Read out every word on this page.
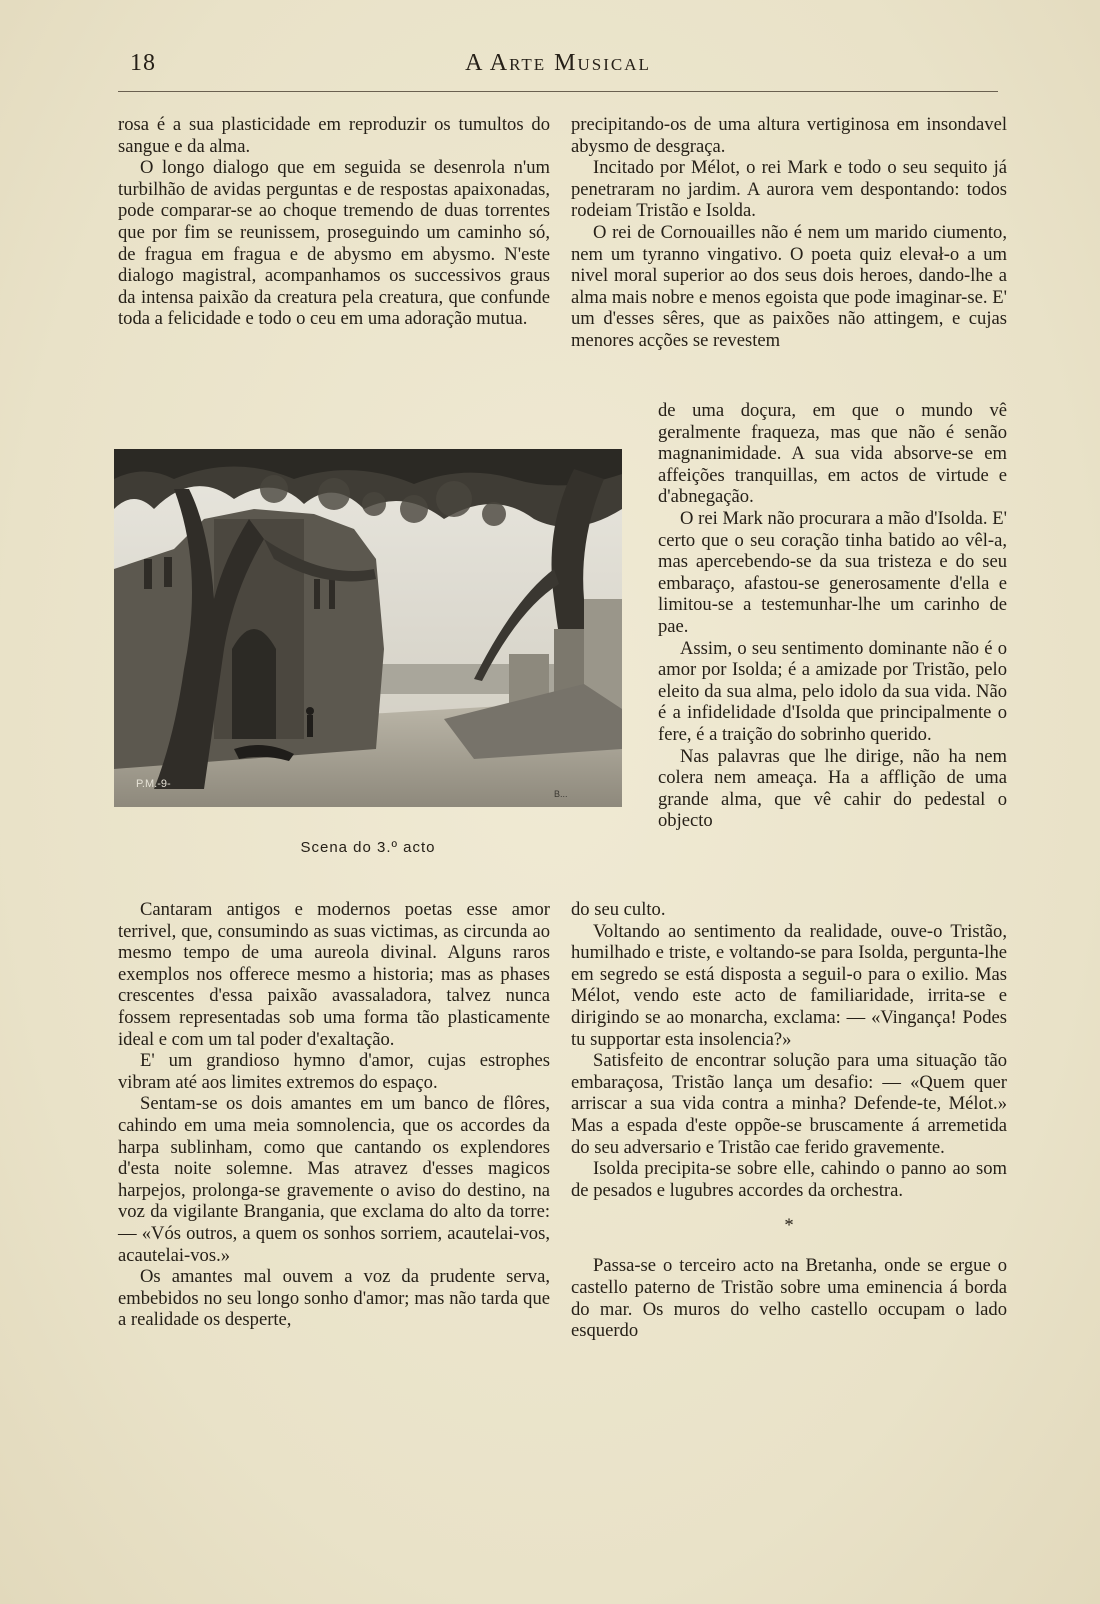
18	A Arte Musical

rosa é a sua plasticidade em reproduzir os tumultos do sangue e da alma.

O longo dialogo que em seguida se desenrola n'um turbilhão de avidas perguntas e de respostas apaixonadas, pode comparar-se ao choque tremendo de duas torrentes que por fim se reunissem, proseguindo um caminho só, de fragua em fragua e de abysmo em abysmo. N'este dialogo magistral, acompanhamos os successivos graus da intensa paixão da creatura pela creatura, que confunde toda a felicidade e todo o ceu em uma adoração mutua.

P.M.-9-
B...
Scena do 3.º acto

Cantaram antigos e modernos poetas esse amor terrivel, que, consumindo as suas victimas, as circunda ao mesmo tempo de uma aureola divinal. Alguns raros exemplos nos offerece mesmo a historia; mas as phases crescentes d'essa paixão avassaladora, talvez nunca fossem representadas sob uma forma tão plasticamente ideal e com um tal poder d'exaltação.

E' um grandioso hymno d'amor, cujas estrophes vibram até aos limites extremos do espaço.

Sentam-se os dois amantes em um banco de flôres, cahindo em uma meia somnolencia, que os accordes da harpa sublinham, como que cantando os explendores d'esta noite solemne. Mas atravez d'esses magicos harpejos, prolonga-se gravemente o aviso do destino, na voz da vigilante Brangania, que exclama do alto da torre: — «Vós outros, a quem os sonhos sorriem, acautelai-vos, acautelai-vos.»

Os amantes mal ouvem a voz da prudente serva, embebidos no seu longo sonho d'amor; mas não tarda que a realidade os desperte,

precipitando-os de uma altura vertiginosa em insondavel abysmo de desgraça.

Incitado por Mélot, o rei Mark e todo o seu sequito já penetraram no jardim. A aurora vem despontando: todos rodeiam Tristão e Isolda.

O rei de Cornouailles não é nem um marido ciumento, nem um tyranno vingativo. O poeta quiz elevał-o a um nivel moral superior ao dos seus dois heroes, dando-lhe a alma mais nobre e menos egoista que pode imaginar-se. E' um d'esses sêres, que as paixões não attingem, e cujas menores acções se revestem

de uma doçura, em que o mundo vê geralmente fraqueza, mas que não é senão magnanimidade. A sua vida absorve-se em affeições tranquillas, em actos de virtude e d'abnegação.

O rei Mark não procurara a mão d'Isolda. E' certo que o seu coração tinha batido ao vêl-a, mas apercebendo-se da sua tristeza e do seu embaraço, afastou-se generosamente d'ella e limitou-se a testemunhar-lhe um carinho de pae.

Assim, o seu sentimento dominante não é o amor por Isolda; é a amizade por Tristão, pelo eleito da sua alma, pelo idolo da sua vida. Não é a infidelidade d'Isolda que principalmente o fere, é a traição do sobrinho querido.

Nas palavras que lhe dirige, não ha nem colera nem ameaça. Ha a afflição de uma grande alma, que vê cahir do pedestal o objecto

do seu culto.

Voltando ao sentimento da realidade, ouve-o Tristão, humilhado e triste, e voltando-se para Isolda, pergunta-lhe em segredo se está disposta a seguil-o para o exilio. Mas Mélot, vendo este acto de familiaridade, irrita-se e dirigindo se ao monarcha, exclama: — «Vingança! Podes tu supportar esta insolencia?»

Satisfeito de encontrar solução para uma situação tão embaraçosa, Tristão lança um desafio: — «Quem quer arriscar a sua vida contra a minha? Defende-te, Mélot.» Mas a espada d'este oppõe-se bruscamente á arremetida do seu adversario e Tristão cae ferido gravemente.

Isolda precipita-se sobre elle, cahindo o panno ao som de pesados e lugubres accordes da orchestra.

*

Passa-se o terceiro acto na Bretanha, onde se ergue o castello paterno de Tristão sobre uma eminencia á borda do mar. Os muros do velho castello occupam o lado esquerdo
